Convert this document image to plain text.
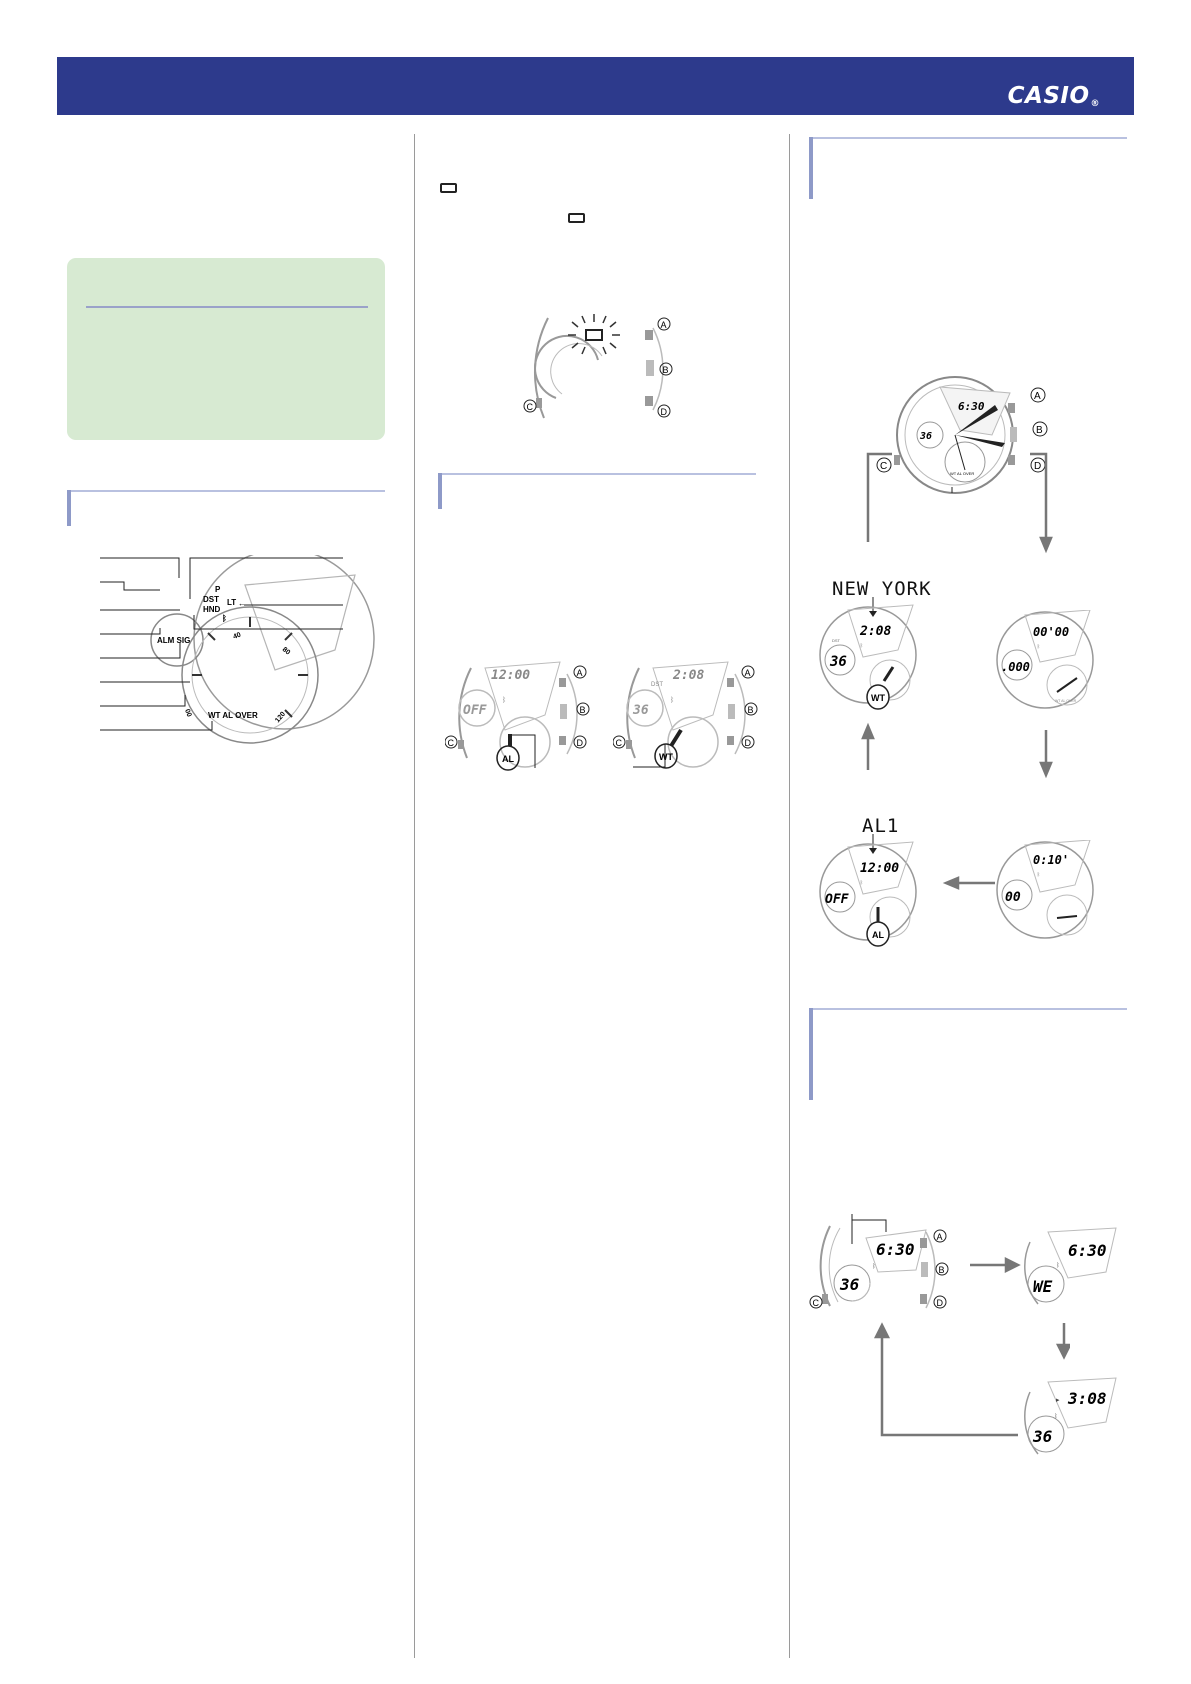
CASIO®
P
DST
HND
ᛒ
ALM SIG
LT ←
40
80
120
00 WT AL OVER
A
B
D
C
12:00
OFF
ᛒ
AL
A
B
D
C
DST
2:08
36
ᛒ
WT
A
B
D
C
6:30
36
WT AL OVER
A
B
D
C
NEW YORK
DST
2:08
ᛒ
36
WT
00'00
ᛒ
.000
WT AL OVER
AL1
12:00
ᛒ
OFF
AL
0:10'
ᛒ
00
6:30
ᛒ
36
A
B
D
C
6:30
ᛒ
WE
▸ 3:08
ᛒ
36
